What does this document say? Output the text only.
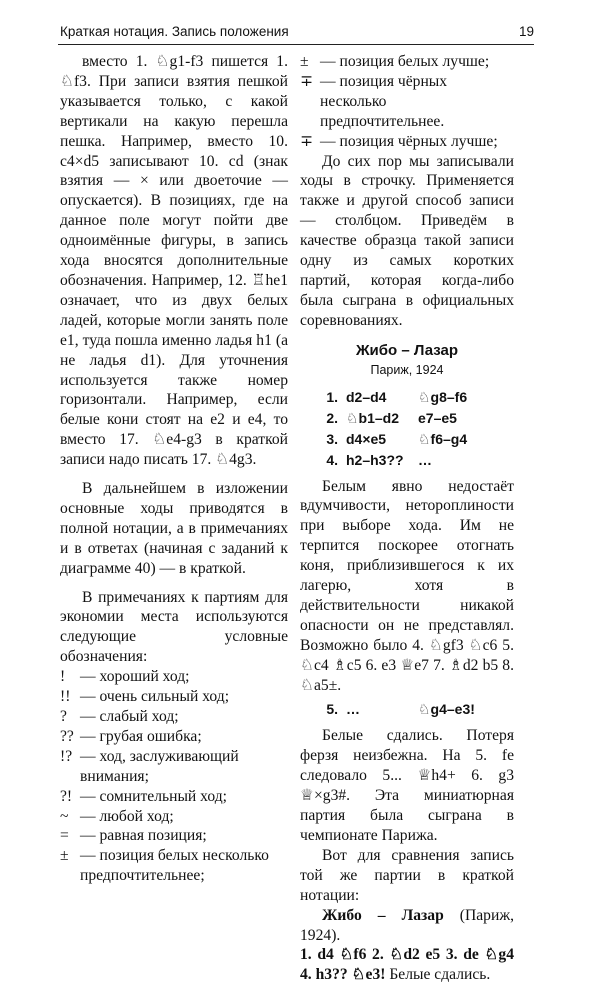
Краткая нотация. Запись положения	19

вместо 1. ♘g1-f3 пишется 1. ♘f3. При записи взятия пешкой указывается только, с какой вертикали на какую перешла пешка. Например, вместо 10. c4×d5 записывают 10. cd (знак взятия — × или двоеточие — опускается). В позициях, где на данное поле могут пойти две одноимённые фигуры, в запись хода вносятся дополнительные обозначения. Например, 12. ♖he1 означает, что из двух белых ладей, которые могли занять поле e1, туда пошла именно ладья h1 (а не ладья d1). Для уточнения используется также номер горизонтали. Например, если белые кони стоят на e2 и e4, то вместо 17. ♘e4-g3 в краткой записи надо писать 17. ♘4g3.

В дальнейшем в изложении основные ходы приводятся в полной нотации, а в примечаниях и в ответах (начиная с заданий к диаграмме 40) — в краткой.

В примечаниях к партиям для экономии места используются следующие условные обозначения:

! — хороший ход;
!! — очень сильный ход;
? — слабый ход;
?? — грубая ошибка;
!? — ход, заслуживающий внимания;
?! — сомнительный ход;
~ — любой ход;
= — равная позиция;
± — позиция белых несколько предпочтительнее;
± — позиция белых лучше;
∓ — позиция чёрных несколько предпочтительнее.
∓ — позиция чёрных лучше;

До сих пор мы записывали ходы в строчку. Применяется также и другой способ записи — столбцом. Приведём в качестве образца такой записи одну из самых коротких партий, которая когда-либо была сыграна в официальных соревнованиях.

Жибо – Лазар
Париж, 1924
1. d2–d4	♘g8–f6
2. ♘b1–d2	e7–e5
3. d4×e5	♘f6–g4
4. h2–h3??	…

Белым явно недостаёт вдумчивости, нетороплиности при выборе хода. Им не терпится поскорее отогнать коня, приблизившегося к их лагерю, хотя в действительности никакой опасности он не представлял. Возможно было 4. ♘gf3 ♘c6 5. ♘c4 ♗c5 6. e3 ♕e7 7. ♗d2 b5 8. ♘a5±.

5. …	♘g4–e3!

Белые сдались. Потеря ферзя неизбежна. На 5. fe следовало 5... ♕h4+ 6. g3 ♕×g3#. Эта миниатюрная партия была сыграна в чемпионате Парижа.

Вот для сравнения запись той же партии в краткой нотации:

Жибо – Лазар (Париж, 1924).

1. d4 ♘f6 2. ♘d2 e5 3. de ♘g4 4. h3?? ♘e3! Белые сдались.
